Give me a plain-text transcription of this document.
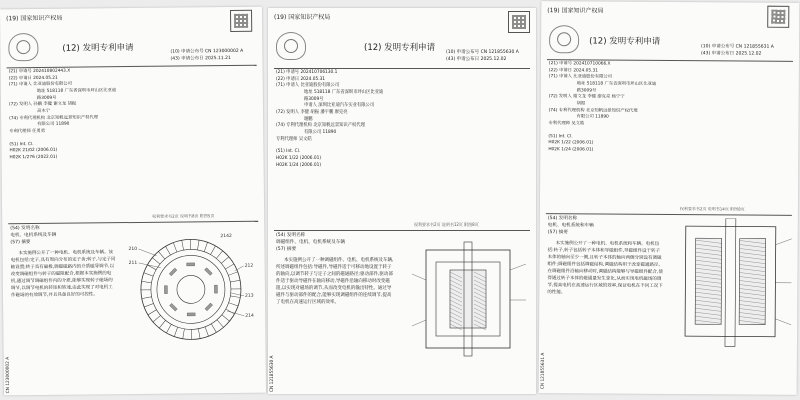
(19) 国家知识产权局
(12) 发明专利申请	(10) 申请公布号 CN 123000002 A
(43) 申请公布日 2025.11.21
(21) 申请号 202410802443.X
(22) 申请日 2024.05.21
(71) 申请人 比亚迪股份有限公司
地址 518118 广东省深圳市坪山区比亚迪
路3009号
(72) 发明人 孙鹏 李健 谢文龙 胡振
高木宁
(74) 专利代理机构 北京知帆远景知识产权代理
有限公司 11890
专利代理师 任勇勇
(51) Int. Cl.
H02K 21/02 (2006.01)
H02K 1/276 (2022.01)
权利要求书2页 说明书8页 附图5页
(54) 发明名称
电机、电机系统及车辆
(57) 摘要
本实施例公开了一种电机、电机系统及车辆。该电机包括:定子,具有周向分布的定子齿;转子,与定子同轴设置;转子具有磁极,调磁磁路内的介质磁导调节,以改变调磁组件与转子的磁阻配合,根据本实施例的电机,通过调节调磁组件内的介质,能够实现转子磁场的调节,以调节电机的转矩和转速,由此实现了对电机工作磁场的有效调节,并且具备良好的可控性。
CN 123000002 A
2142
210
211
212
213
214
(19) 国家知识产权局
(12) 发明专利申请 (10) 申请公布号 CN 121855630 A
(43) 申请公布日 2025.12.02
(21) 申请号 202410706130.1
(22) 申请日 2024.05.31
(71) 申请人 比亚迪股份有限公司
地址 518118 广东省深圳市坪山区比亚迪
路3009号
申请人 深圳比亚迪汽车实业有限公司
(72) 发明人 李健 胡振 潘宇鹏 廖克亮
谢鹏
(74) 专利代理机构 北京知帆远景知识产权代理
有限公司 11890
专利代理师 吴文皓
(51) Int. Cl.
H02K 1/22 (2006.01)
H02K 1/24 (2006.01)
权利要求书2页 说明书12页 附图8页
(54) 发明名称
调磁组件、电机、电机系统及车辆
(57) 摘要
本实施例公开了一种调磁组件、电机、电机系统及车辆,所述调磁组件包括:导磁件,导磁件适于可移动地设置于转子的轴向,以调节转子与定子之间的磁通路径;驱动部件,驱动部件适于驱动导磁件在轴向移动,导磁件沿轴向移动时改变磁阻,以实现对磁场的调节,从而改变电机的输出特性。通过导磁件与驱动部件的配合,能够实现调磁组件的连续调节,提高了电机在高速运行区域的效率。
CN 121855630 A
(19) 国家知识产权局
(12) 发明专利申请
(10) 申请公布号 CN 121855631 A
(43) 申请公布日 2025.12.02
(21) 申请号 202410710066.X
(22) 申请日 2024.05.31
(71) 申请人 比亚迪股份有限公司
地址 518118 广东省深圳市坪山区比亚迪
路3009号
(72) 发明人 谢文龙 李健 廖克亮 杨宁宁
胡振
(74) 专利代理机构 北京知帆远景知识产权代理
有限公司 11890
专利代理师 吴文皓
(51) Int. Cl.
H02K 1/22 (2006.01)
H02K 1/24 (2006.01)
权利要求书2页 说明书14页 附图8页
(54) 发明名称
电机、电机系统和车辆
(57) 摘要
本实施例公开了一种电机、电机系统和车辆。电机包括:转子,转子包括转子本体和导磁组件,导磁组件设于转子本体的轴向至少一侧,且转子本体的轴向两侧分别设有调磁组件;调磁组件包括调磁结构,调磁结构用于改变磁通路径,在调磁组件沿轴向移动时,调磁结构能够与导磁组件配合,使得通过转子本体的磁通量发生变化,从而实现电机磁场的调节,提高电机在高速运行区域的效率,保证电机在不同工况下的性能。
CN 121855631 A
